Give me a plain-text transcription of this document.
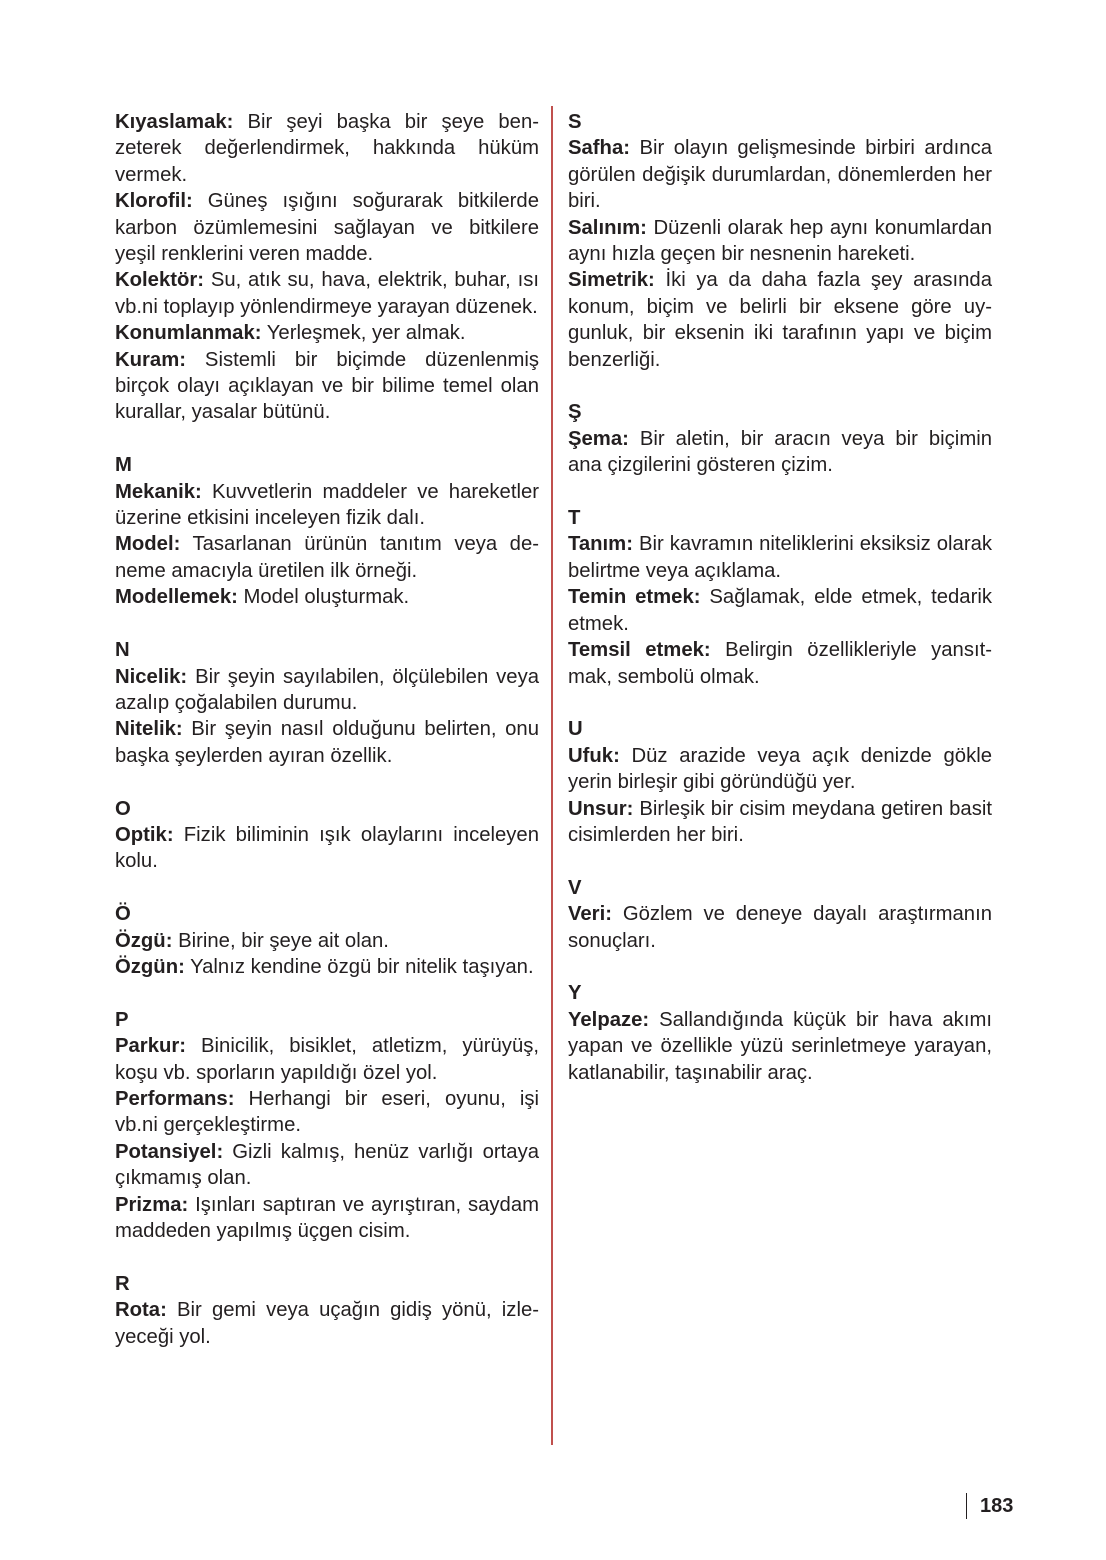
Kıyaslamak: Bir şeyi başka bir şeye benzeterek değerlendirmek, hakkında hüküm vermek.

Klorofil: Güneş ışığını soğurarak bitkilerde karbon özümlemesini sağlayan ve bitkilere yeşil renklerini veren madde.

Kolektör: Su, atık su, hava, elektrik, buhar, ısı vb.ni toplayıp yönlendirmeye yarayan düzenek.

Konumlanmak: Yerleşmek, yer almak.

Kuram: Sistemli bir biçimde düzenlenmiş birçok olayı açıklayan ve bir bilime temel olan kurallar, yasalar bütünü.

M

Mekanik: Kuvvetlerin maddeler ve hareketler üzerine etkisini inceleyen fizik dalı.

Model: Tasarlanan ürünün tanıtım veya deneme amacıyla üretilen ilk örneği.

Modellemek: Model oluşturmak.

N

Nicelik: Bir şeyin sayılabilen, ölçülebilen veya azalıp çoğalabilen durumu.

Nitelik: Bir şeyin nasıl olduğunu belirten, onu başka şeylerden ayıran özellik.

O

Optik: Fizik biliminin ışık olaylarını inceleyen kolu.

Ö

Özgü: Birine, bir şeye ait olan.

Özgün: Yalnız kendine özgü bir nitelik taşıyan.

P

Parkur: Binicilik, bisiklet, atletizm, yürüyüş, koşu vb. sporların yapıldığı özel yol.

Performans: Herhangi bir eseri, oyunu, işi vb.ni gerçekleştirme.

Potansiyel: Gizli kalmış, henüz varlığı ortaya çıkmamış olan.

Prizma: Işınları saptıran ve ayrıştıran, saydam maddeden yapılmış üçgen cisim.

R

Rota: Bir gemi veya uçağın gidiş yönü, izleyeceği yol.

S

Safha: Bir olayın gelişmesinde birbiri ardınca görülen değişik durumlardan, dönemlerden her biri.

Salınım: Düzenli olarak hep aynı konumlardan aynı hızla geçen bir nesnenin hareketi.

Simetrik: İki ya da daha fazla şey arasında konum, biçim ve belirli bir eksene göre uygunluk, bir eksenin iki tarafının yapı ve biçim benzerliği.

Ş

Şema: Bir aletin, bir aracın veya bir biçimin ana çizgilerini gösteren çizim.

T

Tanım: Bir kavramın niteliklerini eksiksiz olarak belirtme veya açıklama.

Temin etmek: Sağlamak, elde etmek, tedarik etmek.

Temsil etmek: Belirgin özellikleriyle yansıtmak, sembolü olmak.

U

Ufuk: Düz arazide veya açık denizde gökle yerin birleşir gibi göründüğü yer.

Unsur: Birleşik bir cisim meydana getiren basit cisimlerden her biri.

V

Veri: Gözlem ve deneye dayalı araştırmanın sonuçları.

Y

Yelpaze: Sallandığında küçük bir hava akımı yapan ve özellikle yüzü serinletmeye yarayan, katlanabilir, taşınabilir araç.

183
